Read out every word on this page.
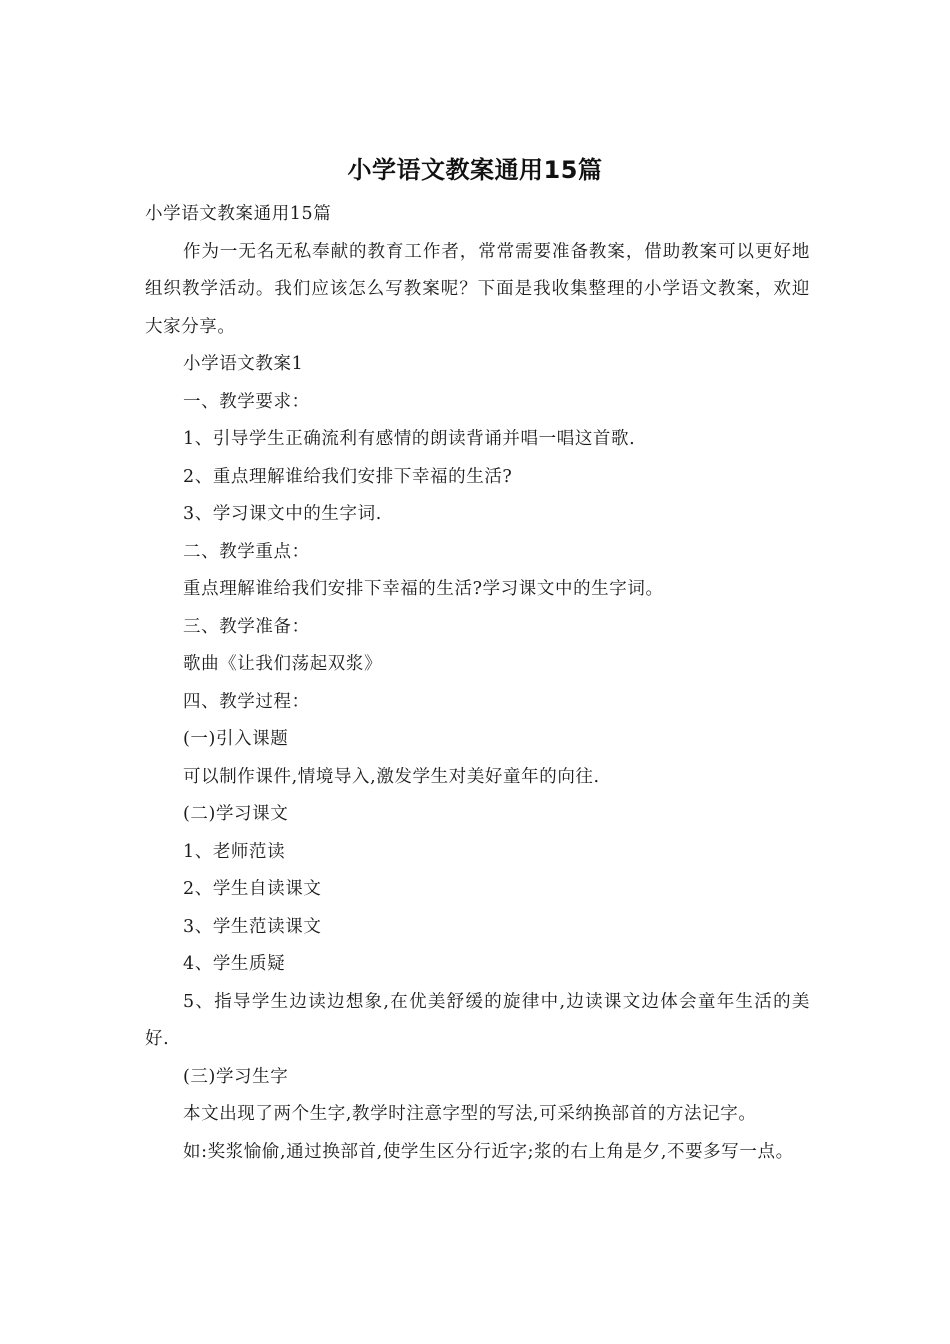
小学语文教案通用15篇

小学语文教案通用15篇

作为一无名无私奉献的教育工作者，常常需要准备教案，借助教案可以更好地组织教学活动。我们应该怎么写教案呢？下面是我收集整理的小学语文教案，欢迎大家分享。

小学语文教案1

一、教学要求：

1、引导学生正确流利有感情的朗读背诵并唱一唱这首歌.

2、重点理解谁给我们安排下幸福的生活?

3、学习课文中的生字词.

二、教学重点：

重点理解谁给我们安排下幸福的生活?学习课文中的生字词。

三、教学准备：

歌曲《让我们荡起双浆》

四、教学过程：

(一)引入课题

可以制作课件,情境导入,激发学生对美好童年的向往.

(二)学习课文

1、老师范读

2、学生自读课文

3、学生范读课文

4、学生质疑

5、指导学生边读边想象,在优美舒缓的旋律中,边读课文边体会童年生活的美好.

(三)学习生字

本文出现了两个生字,教学时注意字型的写法,可采纳换部首的方法记字。

如:奖浆愉偷,通过换部首,使学生区分行近字;浆的右上角是夕,不要多写一点。
